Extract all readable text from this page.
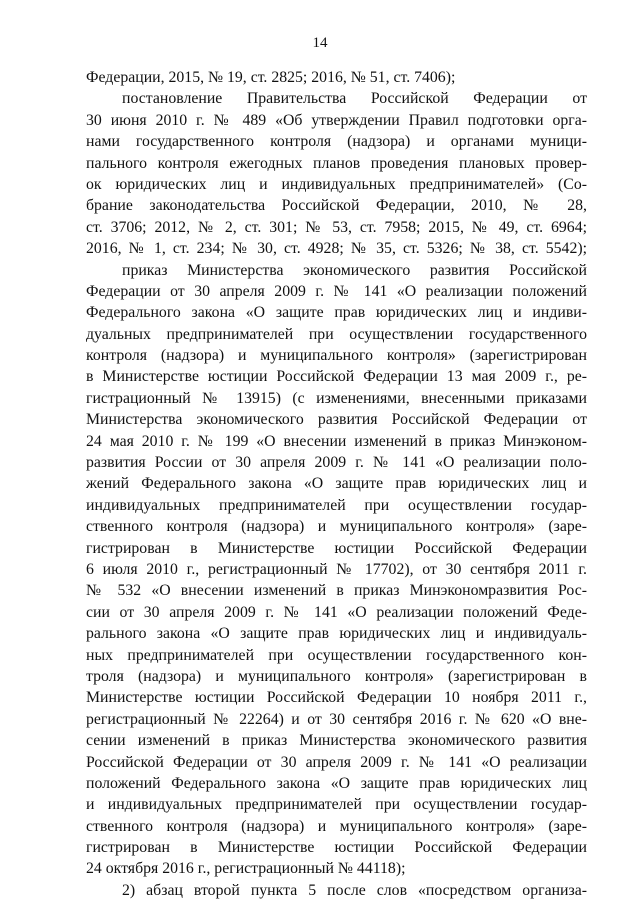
14
Федерации, 2015, № 19, ст. 2825; 2016, № 51, ст. 7406);
постановление Правительства Российской Федерации от
30 июня 2010 г. № 489 «Об утверждении Правил подготовки орга-
нами государственного контроля (надзора) и органами муници-
пального контроля ежегодных планов проведения плановых провер-
ок юридических лиц и индивидуальных предпринимателей» (Со-
брание законодательства Российской Федерации, 2010, № 28,
ст. 3706; 2012, № 2, ст. 301; № 53, ст. 7958; 2015, № 49, ст. 6964;
2016, № 1, ст. 234; № 30, ст. 4928; № 35, ст. 5326; № 38, ст. 5542);
приказ Министерства экономического развития Российской
Федерации от 30 апреля 2009 г. № 141 «О реализации положений
Федерального закона «О защите прав юридических лиц и индиви-
дуальных предпринимателей при осуществлении государственного
контроля (надзора) и муниципального контроля» (зарегистрирован
в Министерстве юстиции Российской Федерации 13 мая 2009 г., ре-
гистрационный № 13915) (с изменениями, внесенными приказами
Министерства экономического развития Российской Федерации от
24 мая 2010 г. № 199 «О внесении изменений в приказ Минэконом-
развития России от 30 апреля 2009 г. № 141 «О реализации поло-
жений Федерального закона «О защите прав юридических лиц и
индивидуальных предпринимателей при осуществлении государ-
ственного контроля (надзора) и муниципального контроля» (заре-
гистрирован в Министерстве юстиции Российской Федерации
6 июля 2010 г., регистрационный № 17702), от 30 сентября 2011 г.
№ 532 «О внесении изменений в приказ Минэкономразвития Рос-
сии от 30 апреля 2009 г. № 141 «О реализации положений Феде-
рального закона «О защите прав юридических лиц и индивидуаль-
ных предпринимателей при осуществлении государственного кон-
троля (надзора) и муниципального контроля» (зарегистрирован в
Министерстве юстиции Российской Федерации 10 ноября 2011 г.,
регистрационный № 22264) и от 30 сентября 2016 г. № 620 «О вне-
сении изменений в приказ Министерства экономического развития
Российской Федерации от 30 апреля 2009 г. № 141 «О реализации
положений Федерального закона «О защите прав юридических лиц
и индивидуальных предпринимателей при осуществлении государ-
ственного контроля (надзора) и муниципального контроля» (заре-
гистрирован в Министерстве юстиции Российской Федерации
24 октября 2016 г., регистрационный № 44118);
2) абзац второй пункта 5 после слов «посредством организа-
